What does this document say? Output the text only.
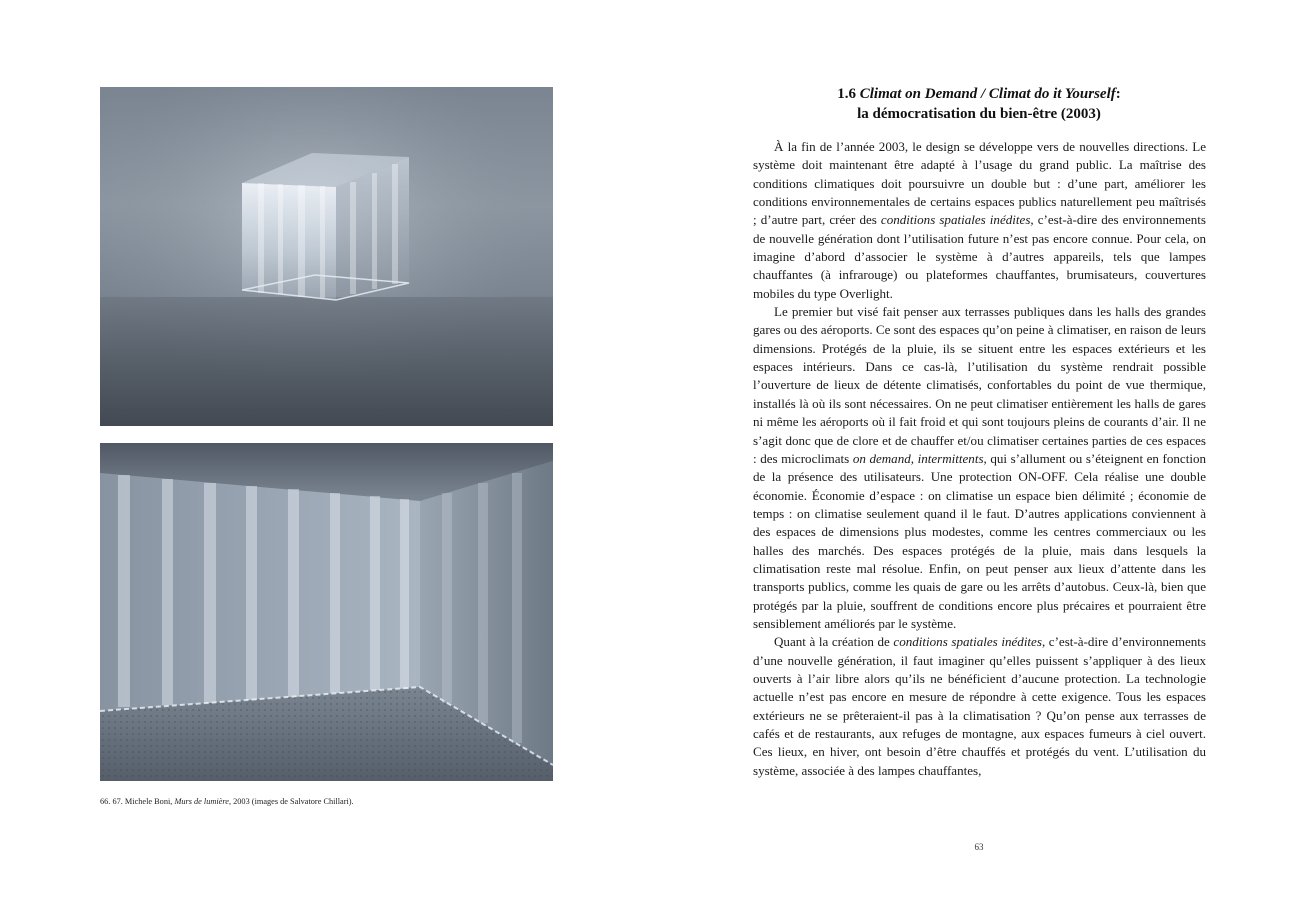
66. 67. Michele Boni, Murs de lumière, 2003 (images de Salvatore Chillari).
1.6 Climat on Demand / Climat do it Yourself:
la démocratisation du bien-être (2003)

À la fin de l’année 2003, le design se développe vers de nouvelles directions. Le système doit maintenant être adapté à l’usage du grand public. La maîtrise des conditions climatiques doit poursuivre un double but : d’une part, améliorer les conditions environnementales de certains espaces publics naturellement peu maîtrisés ; d’autre part, créer des conditions spatiales inédites, c’est-à-dire des environnements de nouvelle génération dont l’utilisation future n’est pas encore connue. Pour cela, on imagine d’abord d’associer le système à d’autres appareils, tels que lampes chauffantes (à infrarouge) ou plateformes chauffantes, brumisateurs, couvertures mobiles du type Overlight.

Le premier but visé fait penser aux terrasses publiques dans les halls des grandes gares ou des aéroports. Ce sont des espaces qu’on peine à climatiser, en raison de leurs dimensions. Protégés de la pluie, ils se situent entre les espaces extérieurs et les espaces intérieurs. Dans ce cas-là, l’utilisation du système rendrait possible l’ouverture de lieux de détente climatisés, confortables du point de vue thermique, installés là où ils sont nécessaires. On ne peut climatiser entièrement les halls de gares ni même les aéroports où il fait froid et qui sont toujours pleins de courants d’air. Il ne s’agit donc que de clore et de chauffer et/ou climatiser certaines parties de ces espaces : des microclimats on demand, intermittents, qui s’allument ou s’éteignent en fonction de la présence des utilisateurs. Une protection ON-OFF. Cela réalise une double économie. Économie d’espace : on climatise un espace bien délimité ; économie de temps : on climatise seulement quand il le faut. D’autres applications conviennent à des espaces de dimensions plus modestes, comme les centres commerciaux ou les halles des marchés. Des espaces protégés de la pluie, mais dans lesquels la climatisation reste mal résolue. Enfin, on peut penser aux lieux d’attente dans les transports publics, comme les quais de gare ou les arrêts d’autobus. Ceux-là, bien que protégés par la pluie, souffrent de conditions encore plus précaires et pourraient être sensiblement améliorés par le système.

Quant à la création de conditions spatiales inédites, c’est-à-dire d’environnements d’une nouvelle génération, il faut imaginer qu’elles puissent s’appliquer à des lieux ouverts à l’air libre alors qu’ils ne bénéficient d’aucune protection. La technologie actuelle n’est pas encore en mesure de répondre à cette exigence. Tous les espaces extérieurs ne se prêteraient-il pas à la climatisation ? Qu’on pense aux terrasses de cafés et de restaurants, aux refuges de montagne, aux espaces fumeurs à ciel ouvert. Ces lieux, en hiver, ont besoin d’être chauffés et protégés du vent. L’utilisation du système, associée à des lampes chauffantes,

63
